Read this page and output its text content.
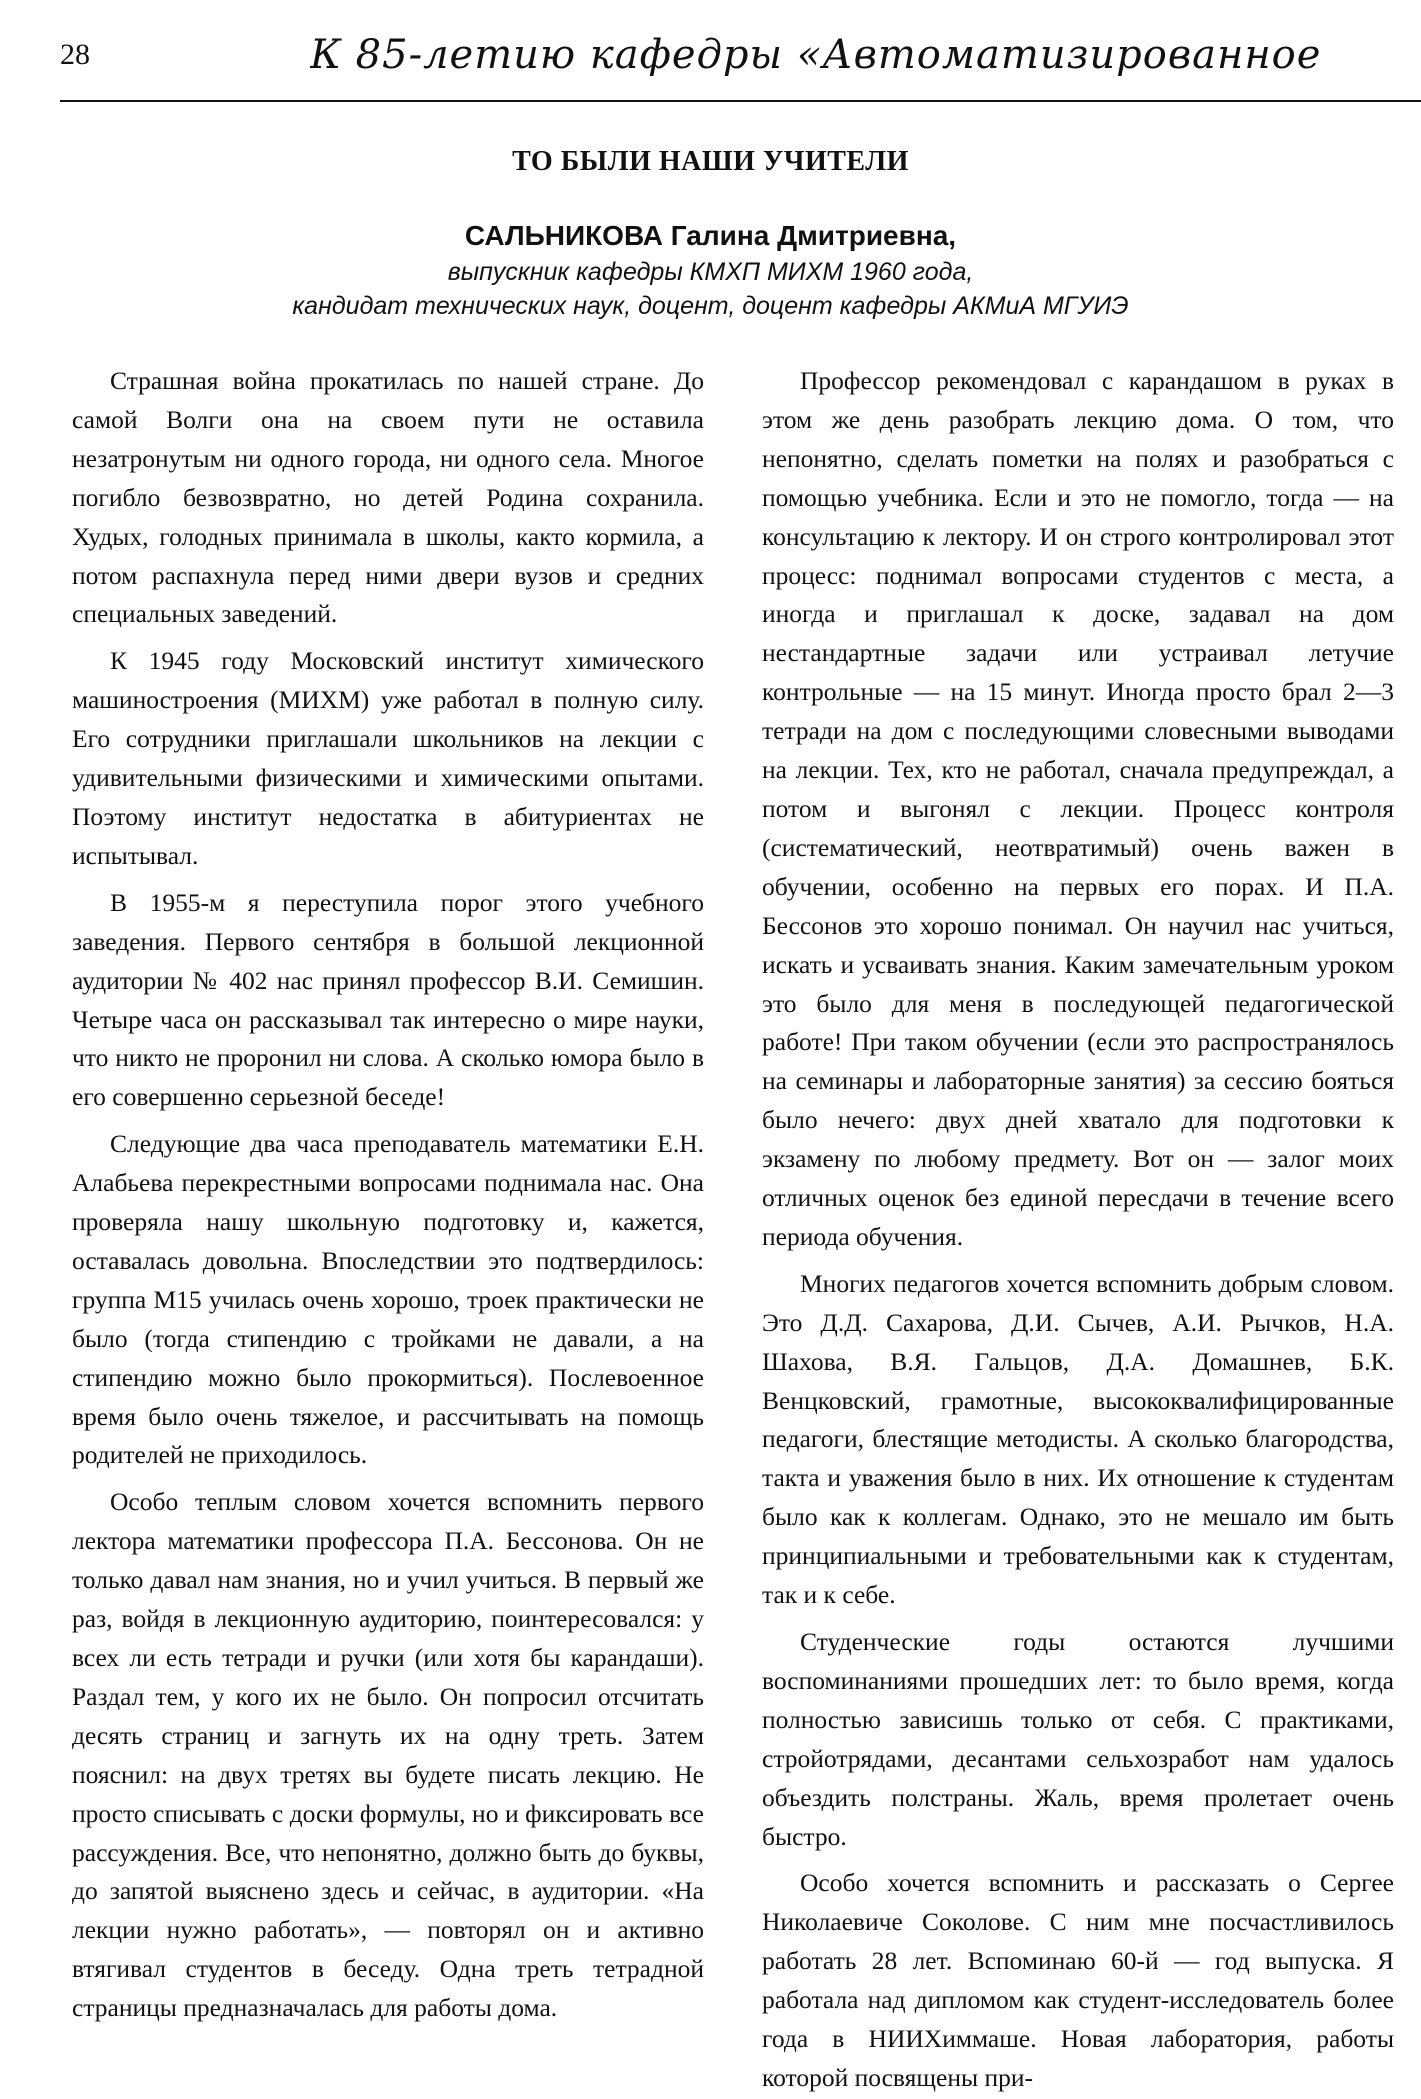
28	К 85-летию кафедры «Автоматизированное
ТО БЫЛИ НАШИ УЧИТЕЛИ
САЛЬНИКОВА Галина Дмитриевна,
выпускник кафедры КМХП МИХМ 1960 года,
кандидат технических наук, доцент, доцент кафедры АКМиА МГУИЭ

Страшная война прокатилась по нашей стране. До самой Волги она на своем пути не оставила незатронутым ни одного города, ни одного села. Многое погибло безвозвратно, но детей Родина сохранила. Худых, голодных принимала в школы, както кормила, а потом распахнула перед ними двери вузов и средних специальных заведений.

К 1945 году Московский институт химического машиностроения (МИХМ) уже работал в полную силу. Его сотрудники приглашали школьников на лекции с удивительными физическими и химическими опытами. Поэтому институт недостатка в абитуриентах не испытывал.

В 1955-м я переступила порог этого учебного заведения. Первого сентября в большой лекционной аудитории № 402 нас принял профессор В.И. Семишин. Четыре часа он рассказывал так интересно о мире науки, что никто не проронил ни слова. А сколько юмора было в его совершенно серьезной беседе!

Следующие два часа преподаватель математики Е.Н. Алабьева перекрестными вопросами поднимала нас. Она проверяла нашу школьную подготовку и, кажется, оставалась довольна. Впоследствии это подтвердилось: группа М15 училась очень хорошо, троек практически не было (тогда стипендию с тройками не давали, а на стипендию можно было прокормиться). Послевоенное время было очень тяжелое, и рассчитывать на помощь родителей не приходилось.

Особо теплым словом хочется вспомнить первого лектора математики профессора П.А. Бессонова. Он не только давал нам знания, но и учил учиться. В первый же раз, войдя в лекционную аудиторию, поинтересовался: у всех ли есть тетради и ручки (или хотя бы карандаши). Раздал тем, у кого их не было. Он попросил отсчитать десять страниц и загнуть их на одну треть. Затем пояснил: на двух третях вы будете писать лекцию. Не просто списывать с доски формулы, но и фиксировать все рассуждения. Все, что непонятно, должно быть до буквы, до запятой выяснено здесь и сейчас, в аудитории. «На лекции нужно работать», — повторял он и активно втягивал студентов в беседу. Одна треть тетрадной страницы предназначалась для работы дома.

Профессор рекомендовал с карандашом в руках в этом же день разобрать лекцию дома. О том, что непонятно, сделать пометки на полях и разобраться с помощью учебника. Если и это не помогло, тогда — на консультацию к лектору. И он строго контролировал этот процесс: поднимал вопросами студентов с места, а иногда и приглашал к доске, задавал на дом нестандартные задачи или устраивал летучие контрольные — на 15 минут. Иногда просто брал 2—3 тетради на дом с последующими словесными выводами на лекции. Тех, кто не работал, сначала предупреждал, а потом и выгонял с лекции. Процесс контроля (систематический, неотвратимый) очень важен в обучении, особенно на первых его порах. И П.А. Бессонов это хорошо понимал. Он научил нас учиться, искать и усваивать знания. Каким замечательным уроком это было для меня в последующей педагогической работе! При таком обучении (если это распространялось на семинары и лабораторные занятия) за сессию бояться было нечего: двух дней хватало для подготовки к экзамену по любому предмету. Вот он — залог моих отличных оценок без единой пересдачи в течение всего периода обучения.

Многих педагогов хочется вспомнить добрым словом. Это Д.Д. Сахарова, Д.И. Сычев, А.И. Рычков, Н.А. Шахова, В.Я. Гальцов, Д.А. Домашнев, Б.К. Венцковский, грамотные, высококвалифицированные педагоги, блестящие методисты. А сколько благородства, такта и уважения было в них. Их отношение к студентам было как к коллегам. Однако, это не мешало им быть принципиальными и требовательными как к студентам, так и к себе.

Студенческие годы остаются лучшими воспоминаниями прошедших лет: то было время, когда полностью зависишь только от себя. С практиками, стройотрядами, десантами сельхозработ нам удалось объездить полстраны. Жаль, время пролетает очень быстро.

Особо хочется вспомнить и рассказать о Сергее Николаевиче Соколове. С ним мне посчастливилось работать 28 лет. Вспоминаю 60-й — год выпуска. Я работала над дипломом как студент-исследователь более года в НИИХиммаше. Новая лаборатория, работы которой посвящены при-
